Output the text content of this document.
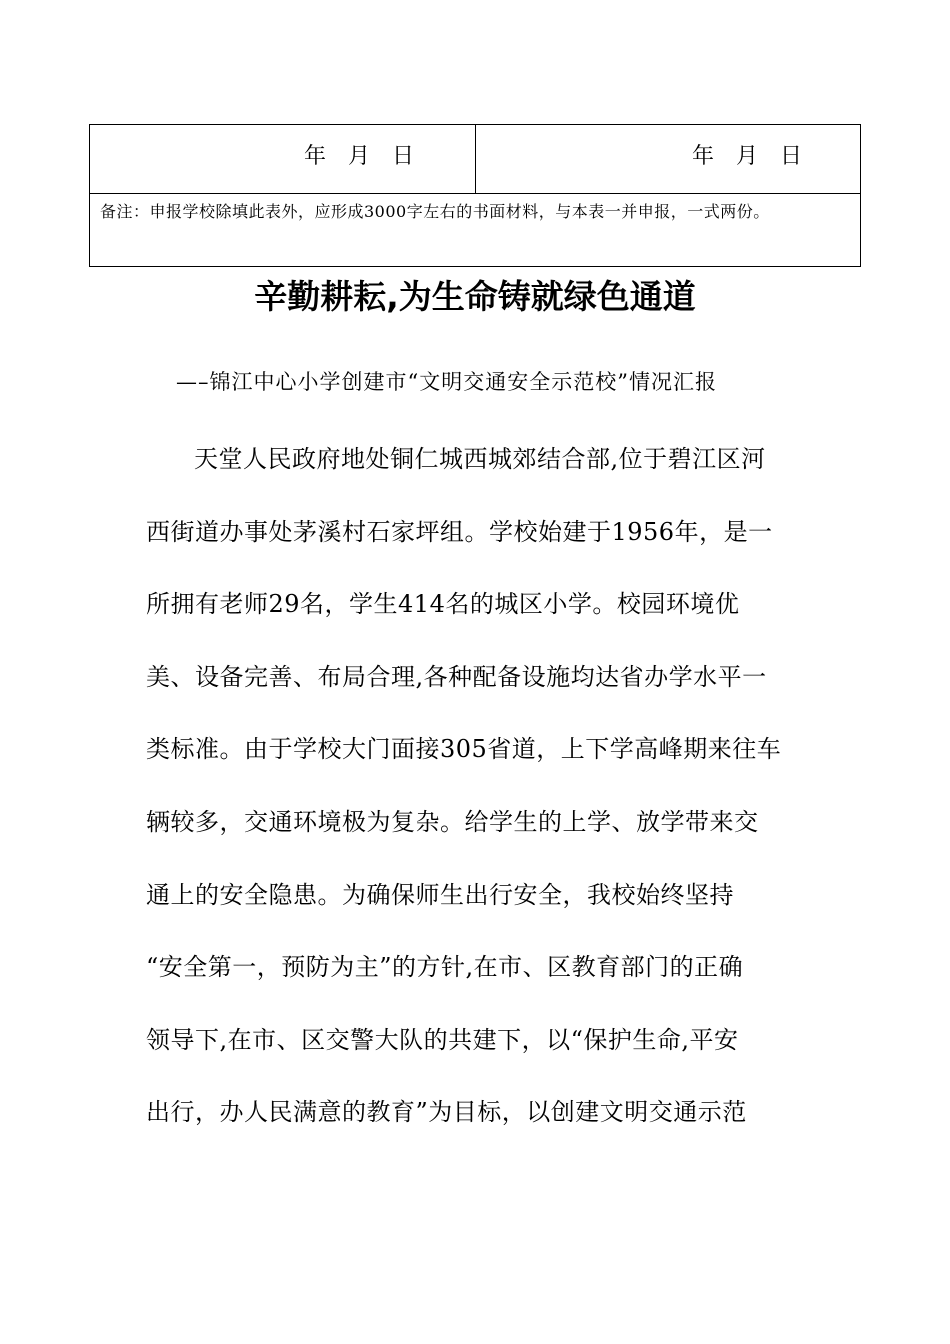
年 月 日	年 月 日
备注：申报学校除填此表外，应形成3000字左右的书面材料，与本表一并申报，一式两份。
辛勤耕耘,为生命铸就绿色通道
—–锦江中心小学创建市“文明交通安全示范校”情况汇报
天堂人民政府地处铜仁城西城郊结合部,位于碧江区河
西街道办事处茅溪村石家坪组。学校始建于1956年，是一
所拥有老师29名，学生414名的城区小学。校园环境优
美、设备完善、布局合理,各种配备设施均达省办学水平一
类标准。由于学校大门面接305省道，上下学高峰期来往车
辆较多，交通环境极为复杂。给学生的上学、放学带来交
通上的安全隐患。为确保师生出行安全，我校始终坚持
“安全第一，预防为主”的方针,在市、区教育部门的正确
领导下,在市、区交警大队的共建下，以“保护生命,平安
出行，办人民满意的教育”为目标，以创建文明交通示范
